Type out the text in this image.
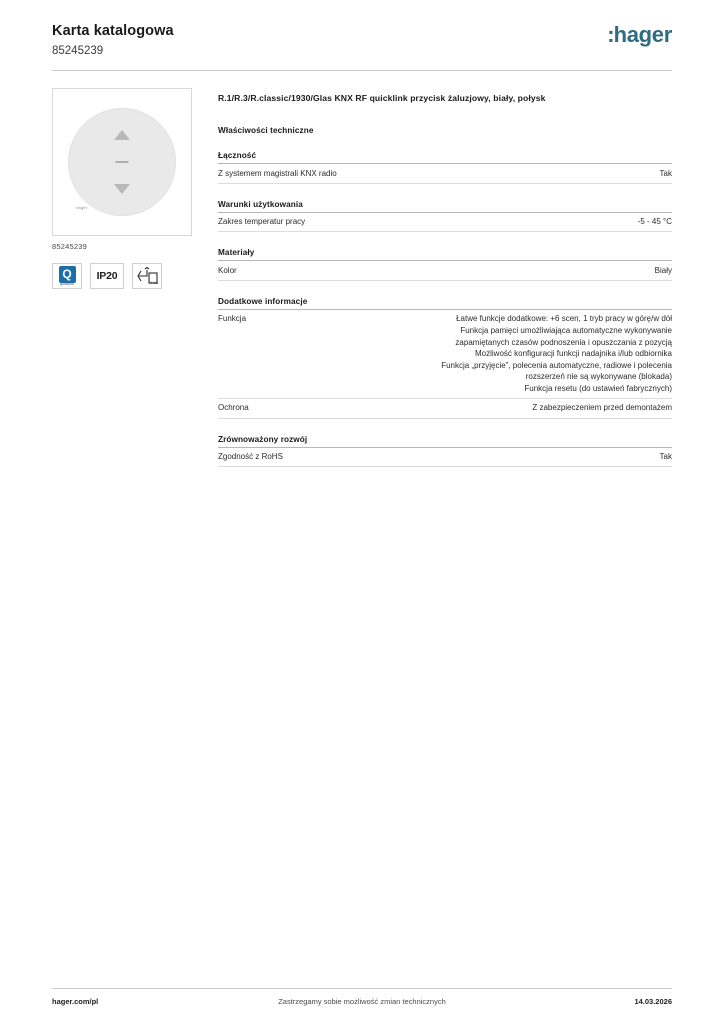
Karta katalogowa
85245239
:hager
hager
85245239
Q
quicklink
IP20
2 lata
R.1/R.3/R.classic/1930/Glas KNX RF quicklink przycisk żaluzjowy, biały, połysk
Właściwości techniczne
Łączność
Z systemem magistrali KNX radio	Tak
Warunki użytkowania
Zakres temperatur pracy	-5 - 45 °C
Materiały
Kolor	Biały
Dodatkowe informacje
Funkcja	Łatwe funkcje dodatkowe: +6 scen, 1 tryb pracy w górę/w dół
Funkcja pamięci umożliwiająca automatyczne wykonywanie
zapamiętanych czasów podnoszenia i opuszczania z pozycją
Możliwość konfiguracji funkcji nadajnika i/lub odbiornika
Funkcja „przyjęcie”, polecenia automatyczne, radiowe i polecenia
rozszerzeń nie są wykonywane (blokada)
Funkcja resetu (do ustawień fabrycznych)
Ochrona	Z zabezpieczeniem przed demontażem
Zrównoważony rozwój
Zgodność z RoHS	Tak
hager.com/pl	Zastrzegamy sobie możliwość zmian technicznych	14.03.2026
